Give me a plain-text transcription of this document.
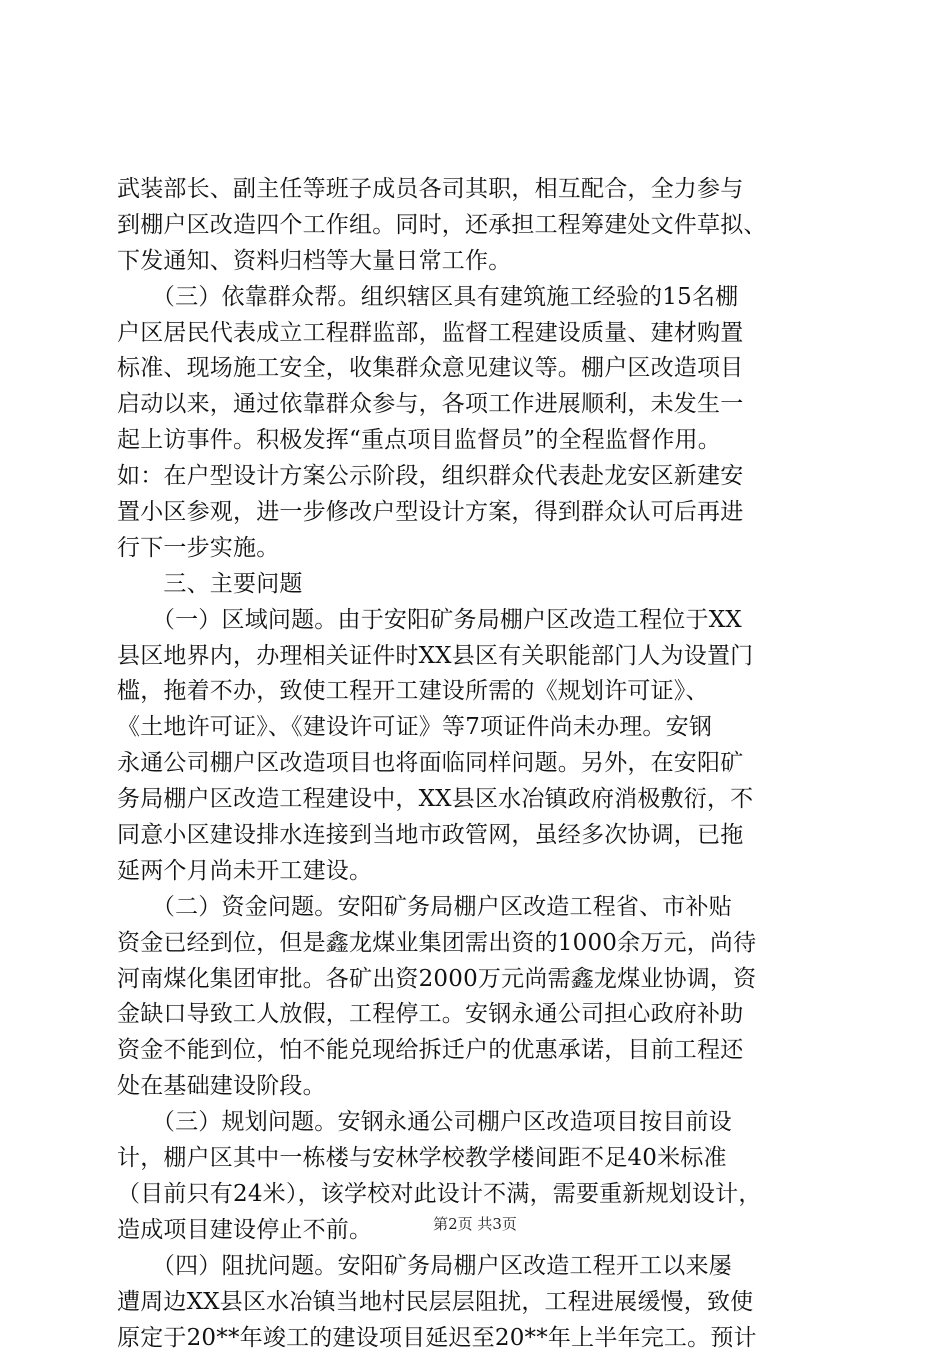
武装部长、副主任等班子成员各司其职，相互配合，全力参与
到棚户区改造四个工作组。同时，还承担工程筹建处文件草拟、
下发通知、资料归档等大量日常工作。
　　（三）依靠群众帮。组织辖区具有建筑施工经验的15名棚
户区居民代表成立工程群监部，监督工程建设质量、建材购置
标准、现场施工安全，收集群众意见建议等。棚户区改造项目
启动以来，通过依靠群众参与，各项工作进展顺利，未发生一
起上访事件。积极发挥“重点项目监督员”的全程监督作用。
如：在户型设计方案公示阶段，组织群众代表赴龙安区新建安
置小区参观，进一步修改户型设计方案，得到群众认可后再进
行下一步实施。
　　三、主要问题
　　（一）区域问题。由于安阳矿务局棚户区改造工程位于XX
县区地界内，办理相关证件时XX县区有关职能部门人为设置门
槛，拖着不办，致使工程开工建设所需的《规划许可证》、
《土地许可证》、《建设许可证》等7项证件尚未办理。安钢
永通公司棚户区改造项目也将面临同样问题。另外，在安阳矿
务局棚户区改造工程建设中，XX县区水冶镇政府消极敷衍，不
同意小区建设排水连接到当地市政管网，虽经多次协调，已拖
延两个月尚未开工建设。
　　（二）资金问题。安阳矿务局棚户区改造工程省、市补贴
资金已经到位，但是鑫龙煤业集团需出资的1000余万元，尚待
河南煤化集团审批。各矿出资2000万元尚需鑫龙煤业协调，资
金缺口导致工人放假，工程停工。安钢永通公司担心政府补助
资金不能到位，怕不能兑现给拆迁户的优惠承诺，目前工程还
处在基础建设阶段。
　　（三）规划问题。安钢永通公司棚户区改造项目按目前设
计，棚户区其中一栋楼与安林学校教学楼间距不足40米标准
（目前只有24米），该学校对此设计不满，需要重新规划设计，
造成项目建设停止不前。
　　（四）阻扰问题。安阳矿务局棚户区改造工程开工以来屡
遭周边XX县区水冶镇当地村民层层阻扰，工程进展缓慢，致使
原定于20**年竣工的建设项目延迟至20**年上半年完工。预计
第2页 共3页
